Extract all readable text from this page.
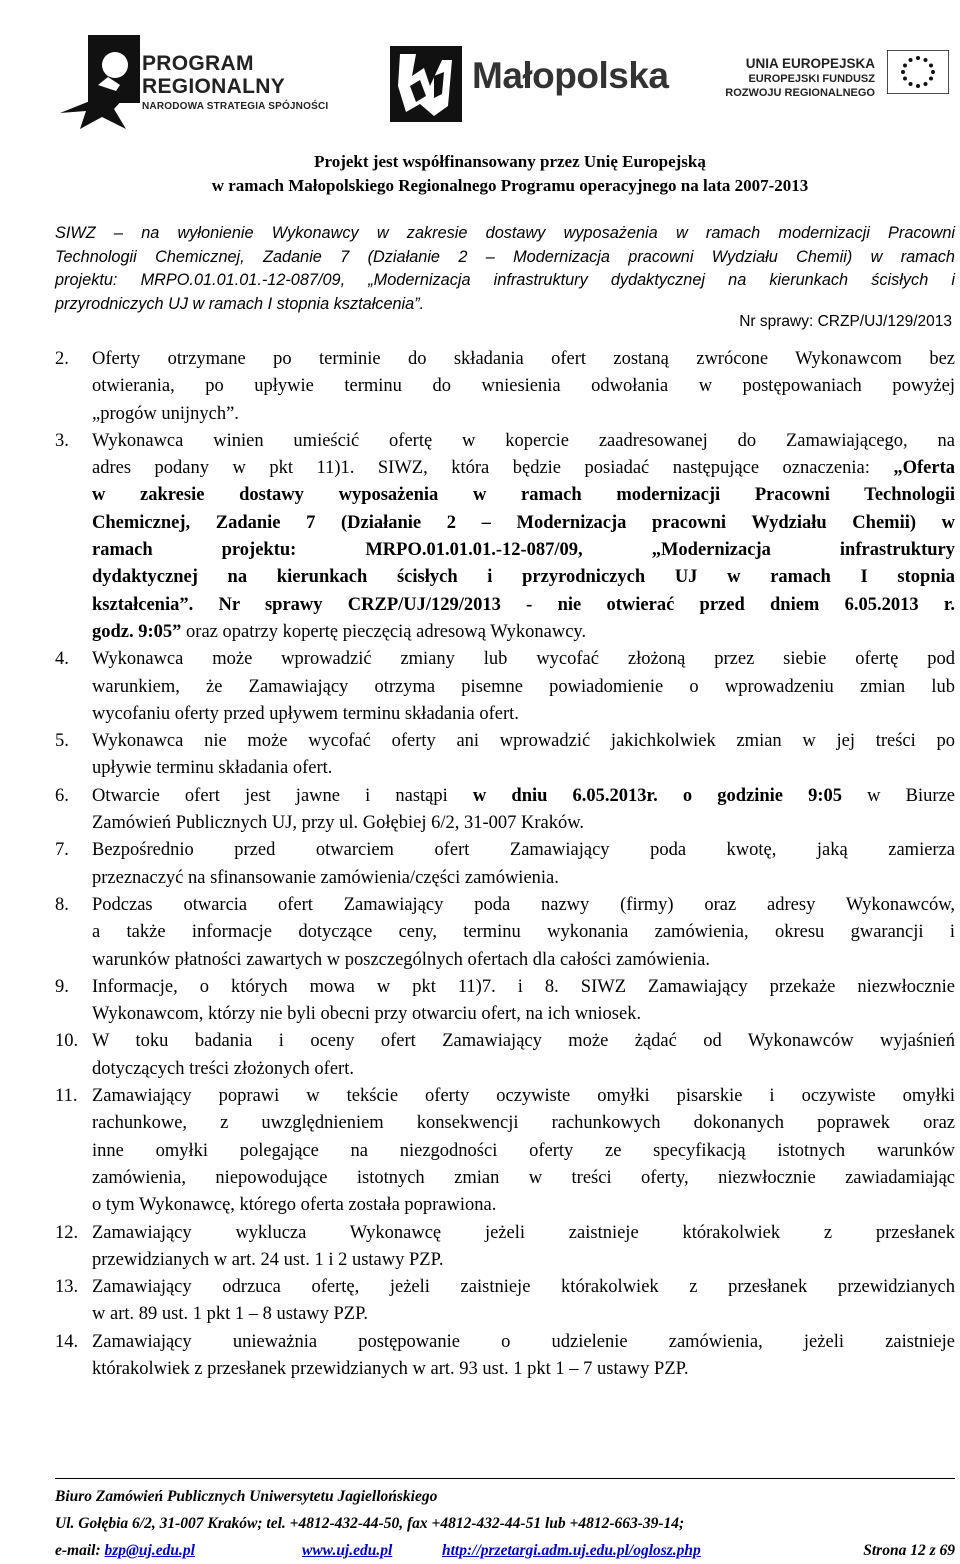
PROGRAM
REGIONALNY
NARODOWA STRATEGIA SPÓJNOŚCI
Małopolska	UNIA EUROPEJSKA
EUROPEJSKI FUNDUSZ
ROZWOJU REGIONALNEGO
Projekt jest współfinansowany przez Unię Europejską
w ramach Małopolskiego Regionalnego Programu operacyjnego na lata 2007-2013
SIWZ – na wyłonienie Wykonawcy w zakresie dostawy wyposażenia w ramach modernizacji Pracowni
Technologii Chemicznej, Zadanie 7 (Działanie 2 – Modernizacja pracowni Wydziału Chemii) w ramach
projektu: MRPO.01.01.01.-12-087/09, „Modernizacja infrastruktury dydaktycznej na kierunkach ścisłych i
przyrodniczych UJ w ramach I stopnia kształcenia”.
Nr sprawy: CRZP/UJ/129/2013
2. Oferty otrzymane po terminie do składania ofert zostaną zwrócone Wykonawcom bez
otwierania, po upływie terminu do wniesienia odwołania w postępowaniach powyżej
„progów unijnych”.
3. Wykonawca winien umieścić ofertę w kopercie zaadresowanej do Zamawiającego, na
adres podany w pkt 11)1. SIWZ, która będzie posiadać następujące oznaczenia: „Oferta
w zakresie dostawy wyposażenia w ramach modernizacji Pracowni Technologii
Chemicznej, Zadanie 7 (Działanie 2 – Modernizacja pracowni Wydziału Chemii) w
ramach projektu: MRPO.01.01.01.-12-087/09, „Modernizacja infrastruktury
dydaktycznej na kierunkach ścisłych i przyrodniczych UJ w ramach I stopnia
kształcenia”. Nr sprawy CRZP/UJ/129/2013 - nie otwierać przed dniem 6.05.2013 r.
godz. 9:05” oraz opatrzy kopertę pieczęcią adresową Wykonawcy.
4. Wykonawca może wprowadzić zmiany lub wycofać złożoną przez siebie ofertę pod
warunkiem, że Zamawiający otrzyma pisemne powiadomienie o wprowadzeniu zmian lub
wycofaniu oferty przed upływem terminu składania ofert.
5. Wykonawca nie może wycofać oferty ani wprowadzić jakichkolwiek zmian w jej treści po
upływie terminu składania ofert.
6. Otwarcie ofert jest jawne i nastąpi w dniu 6.05.2013r. o godzinie 9:05 w Biurze
Zamówień Publicznych UJ, przy ul. Gołębiej 6/2, 31-007 Kraków.
7. Bezpośrednio przed otwarciem ofert Zamawiający poda kwotę, jaką zamierza
przeznaczyć na sfinansowanie zamówienia/części zamówienia.
8. Podczas otwarcia ofert Zamawiający poda nazwy (firmy) oraz adresy Wykonawców,
a także informacje dotyczące ceny, terminu wykonania zamówienia, okresu gwarancji i
warunków płatności zawartych w poszczególnych ofertach dla całości zamówienia.
9. Informacje, o których mowa w pkt 11)7. i 8. SIWZ Zamawiający przekaże niezwłocznie
Wykonawcom, którzy nie byli obecni przy otwarciu ofert, na ich wniosek.
10. W toku badania i oceny ofert Zamawiający może żądać od Wykonawców wyjaśnień
dotyczących treści złożonych ofert.
11. Zamawiający poprawi w tekście oferty oczywiste omyłki pisarskie i oczywiste omyłki
rachunkowe, z uwzględnieniem konsekwencji rachunkowych dokonanych poprawek oraz
inne omyłki polegające na niezgodności oferty ze specyfikacją istotnych warunków
zamówienia, niepowodujące istotnych zmian w treści oferty, niezwłocznie zawiadamiając
o tym Wykonawcę, którego oferta została poprawiona.
12. Zamawiający wyklucza Wykonawcę jeżeli zaistnieje którakolwiek z przesłanek
przewidzianych w art. 24 ust. 1 i 2 ustawy PZP.
13. Zamawiający odrzuca ofertę, jeżeli zaistnieje którakolwiek z przesłanek przewidzianych
w art. 89 ust. 1 pkt 1 – 8 ustawy PZP.
14. Zamawiający unieważnia postępowanie o udzielenie zamówienia, jeżeli zaistnieje
którakolwiek z przesłanek przewidzianych w art. 93 ust. 1 pkt 1 – 7 ustawy PZP.
Biuro Zamówień Publicznych Uniwersytetu Jagiellońskiego
Ul. Gołębia 6/2, 31-007 Kraków; tel. +4812-432-44-50, fax +4812-432-44-51 lub +4812-663-39-14;
e-mail: bzp@uj.edu.pl	www.uj.edu.pl	http://przetargi.adm.uj.edu.pl/oglosz.php	Strona 12 z 69
